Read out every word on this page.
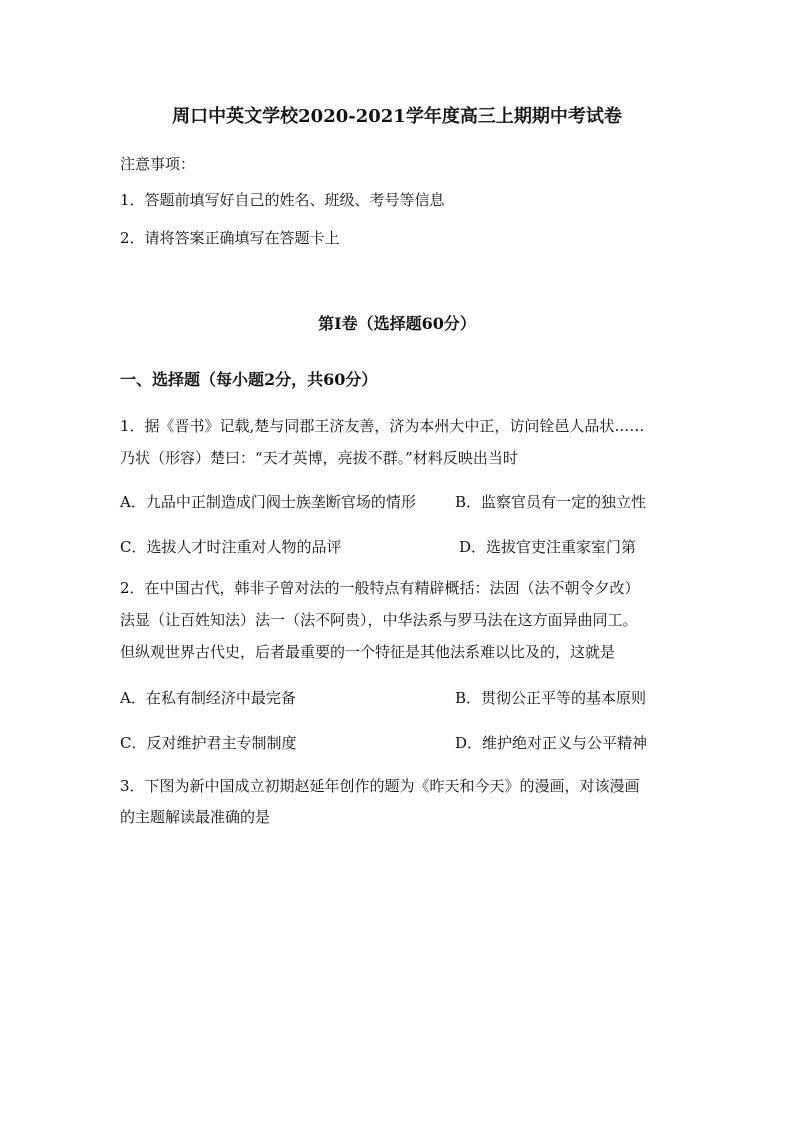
周口中英文学校2020-2021学年度高三上期期中考试卷
注意事项：
1．答题前填写好自己的姓名、班级、考号等信息
2．请将答案正确填写在答题卡上
第I卷（选择题60分）
一、选择题（每小题2分，共60分）
1．据《晋书》记载,楚与同郡王济友善，济为本州大中正，访问铨邑人品状……
乃状（形容）楚曰：“天才英博，亮拔不群。”材料反映出当时
A．九品中正制造成门阀士族垄断官场的情形	B．监察官员有一定的独立性
C．选拔人才时注重对人物的品评	D．选拔官吏注重家室门第
2．在中国古代，韩非子曾对法的一般特点有精辟概括：法固（法不朝令夕改）
法显（让百姓知法）法一（法不阿贵），中华法系与罗马法在这方面异曲同工。
但纵观世界古代史，后者最重要的一个特征是其他法系难以比及的，这就是
A．在私有制经济中最完备	B．贯彻公正平等的基本原则
C．反对维护君主专制制度	D．维护绝对正义与公平精神
3．下图为新中国成立初期赵延年创作的题为《昨天和今天》的漫画，对该漫画
的主题解读最准确的是
